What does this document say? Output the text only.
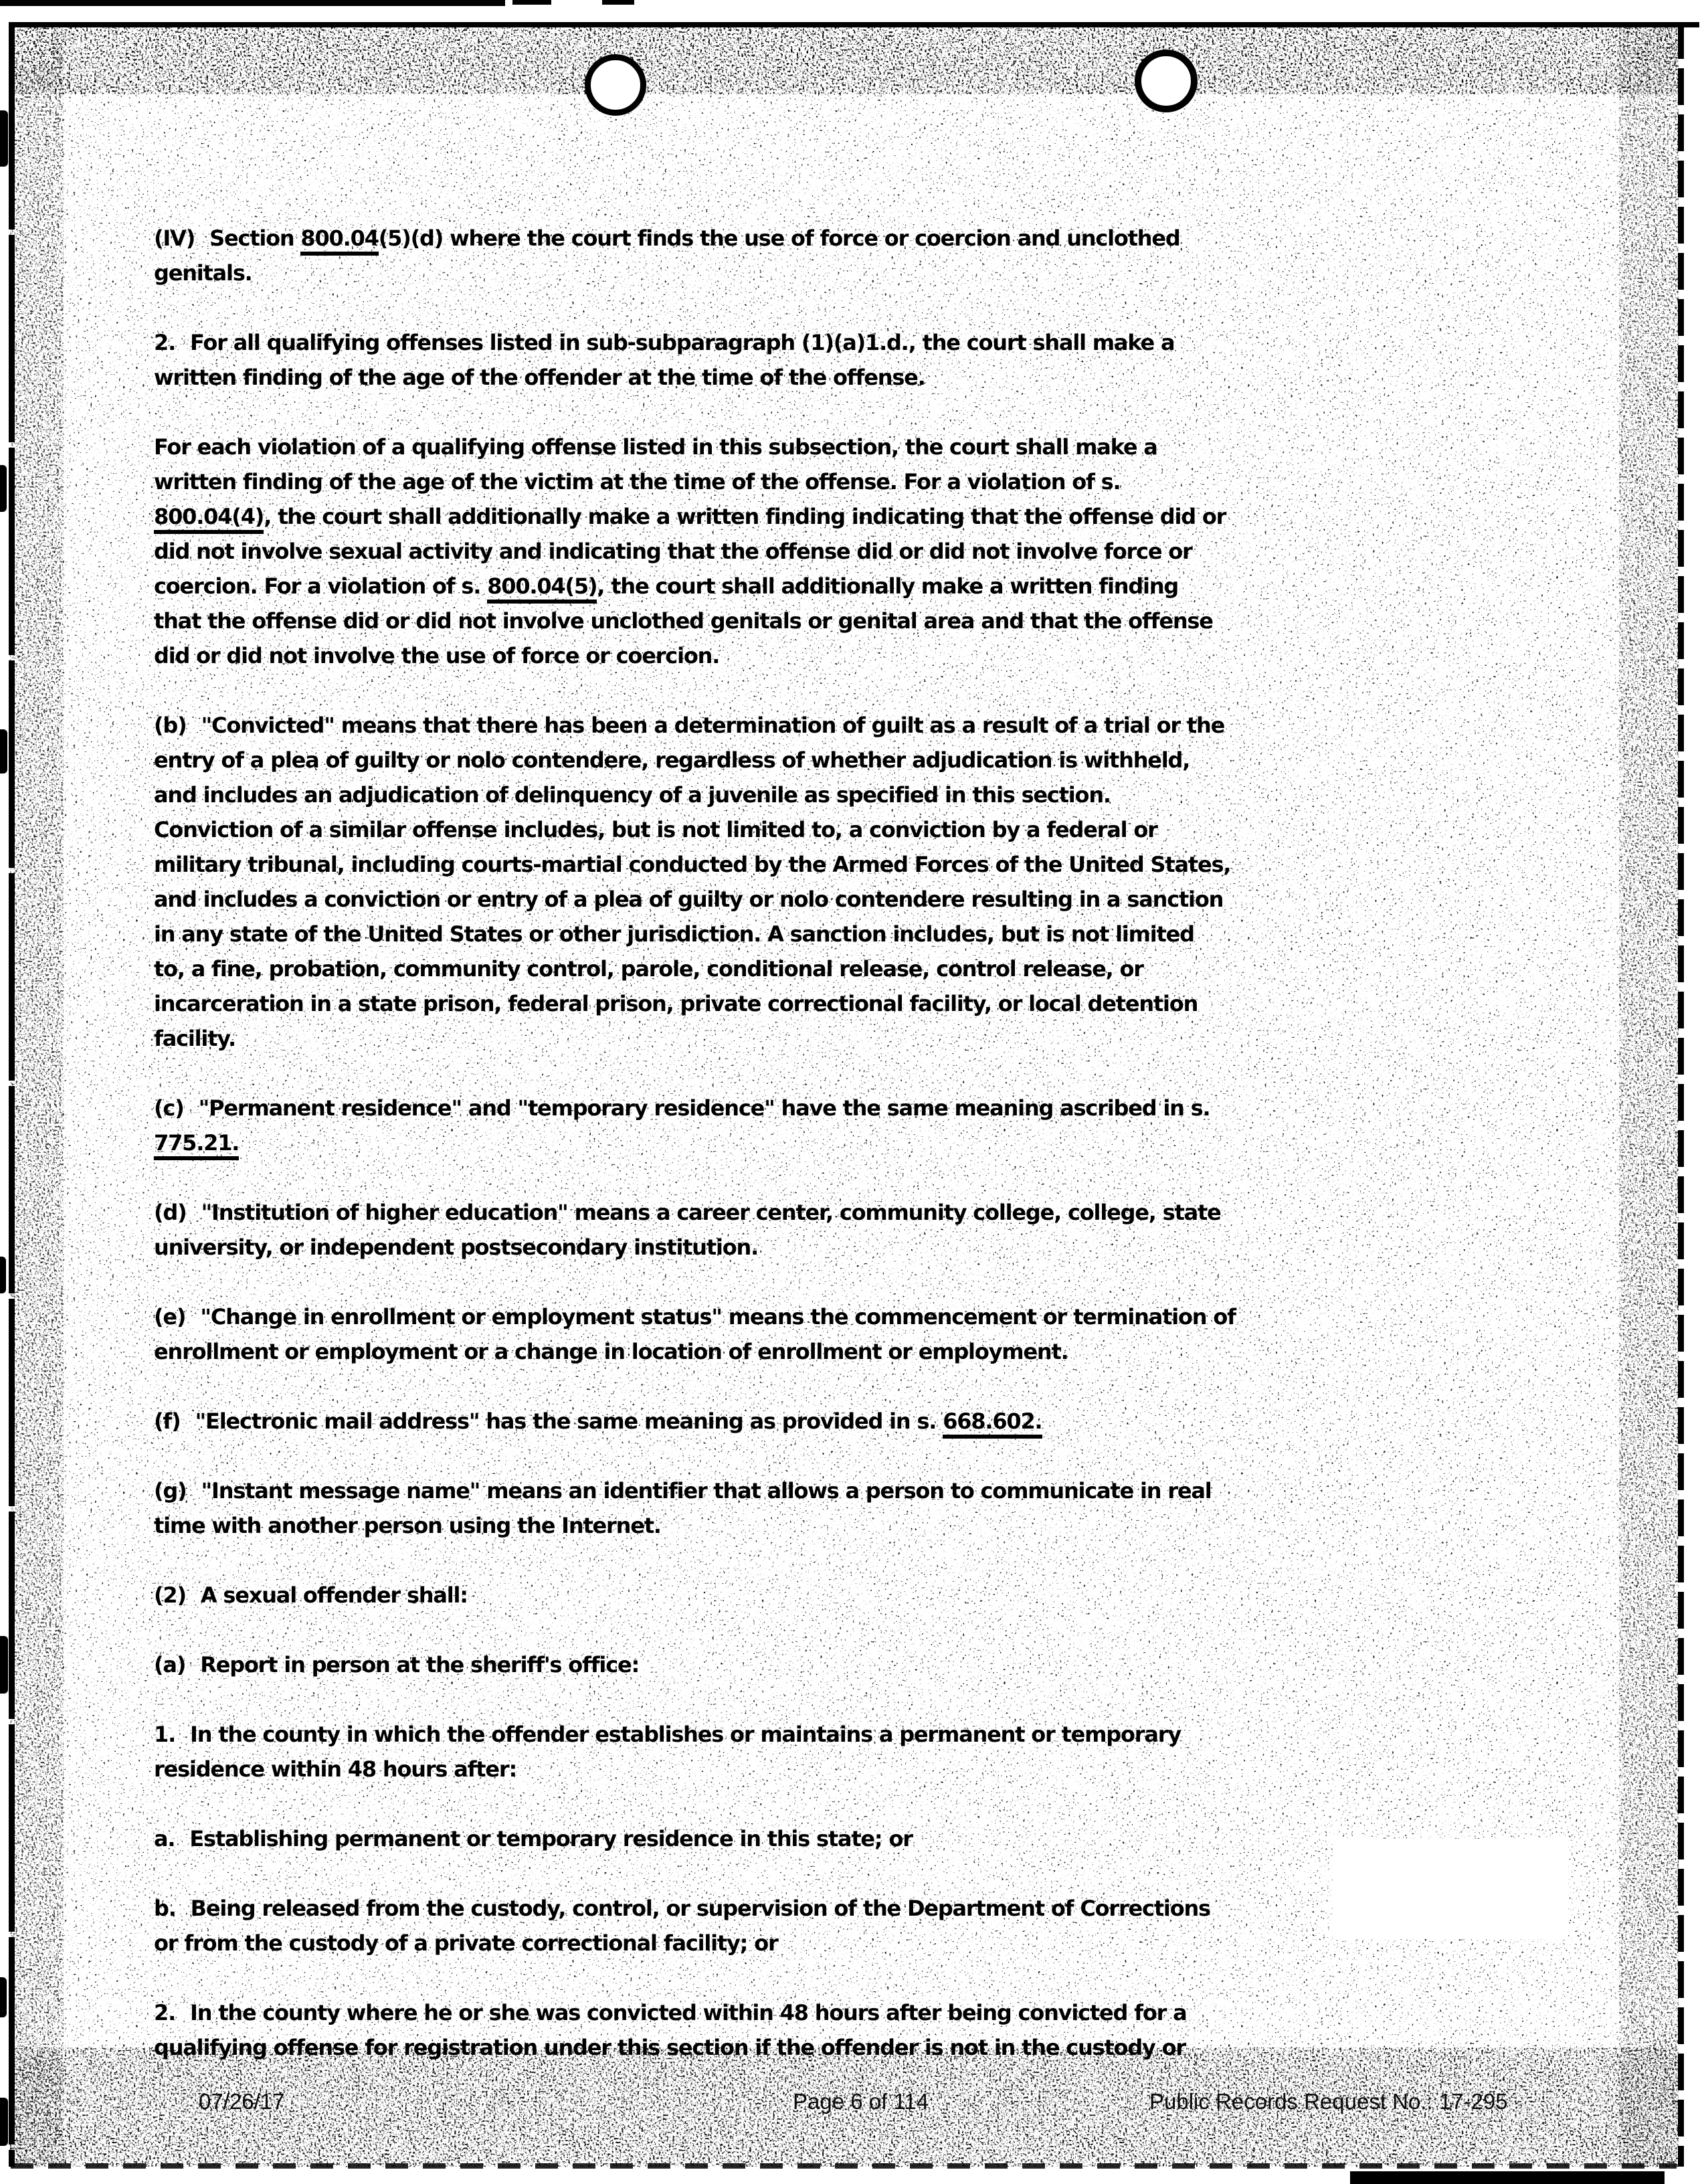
(IV) Section 800.04(5)(d) where the court finds the use of force or coercion and unclothed
genitals.
2. For all qualifying offenses listed in sub-subparagraph (1)(a)1.d., the court shall make a
written finding of the age of the offender at the time of the offense.
For each violation of a qualifying offense listed in this subsection, the court shall make a
written finding of the age of the victim at the time of the offense. For a violation of s.
800.04(4), the court shall additionally make a written finding indicating that the offense did or
did not involve sexual activity and indicating that the offense did or did not involve force or
coercion. For a violation of s. 800.04(5), the court shall additionally make a written finding
that the offense did or did not involve unclothed genitals or genital area and that the offense
did or did not involve the use of force or coercion.
(b) "Convicted" means that there has been a determination of guilt as a result of a trial or the
entry of a plea of guilty or nolo contendere, regardless of whether adjudication is withheld,
and includes an adjudication of delinquency of a juvenile as specified in this section.
Conviction of a similar offense includes, but is not limited to, a conviction by a federal or
military tribunal, including courts-martial conducted by the Armed Forces of the United States,
and includes a conviction or entry of a plea of guilty or nolo contendere resulting in a sanction
in any state of the United States or other jurisdiction. A sanction includes, but is not limited
to, a fine, probation, community control, parole, conditional release, control release, or
incarceration in a state prison, federal prison, private correctional facility, or local detention
facility.
(c) "Permanent residence" and "temporary residence" have the same meaning ascribed in s.
775.21.
(d) "Institution of higher education" means a career center, community college, college, state
university, or independent postsecondary institution.
(e) "Change in enrollment or employment status" means the commencement or termination of
enrollment or employment or a change in location of enrollment or employment.
(f) "Electronic mail address" has the same meaning as provided in s. 668.602.
(g) "Instant message name" means an identifier that allows a person to communicate in real
time with another person using the Internet.
(2) A sexual offender shall:
(a) Report in person at the sheriff's office:
1. In the county in which the offender establishes or maintains a permanent or temporary
residence within 48 hours after:
a. Establishing permanent or temporary residence in this state; or
b. Being released from the custody, control, or supervision of the Department of Corrections
or from the custody of a private correctional facility; or
2. In the county where he or she was convicted within 48 hours after being convicted for a
qualifying offense for registration under this section if the offender is not in the custody or
07/26/17	Page 6 of 114	Public Records Request No.: 17-295
